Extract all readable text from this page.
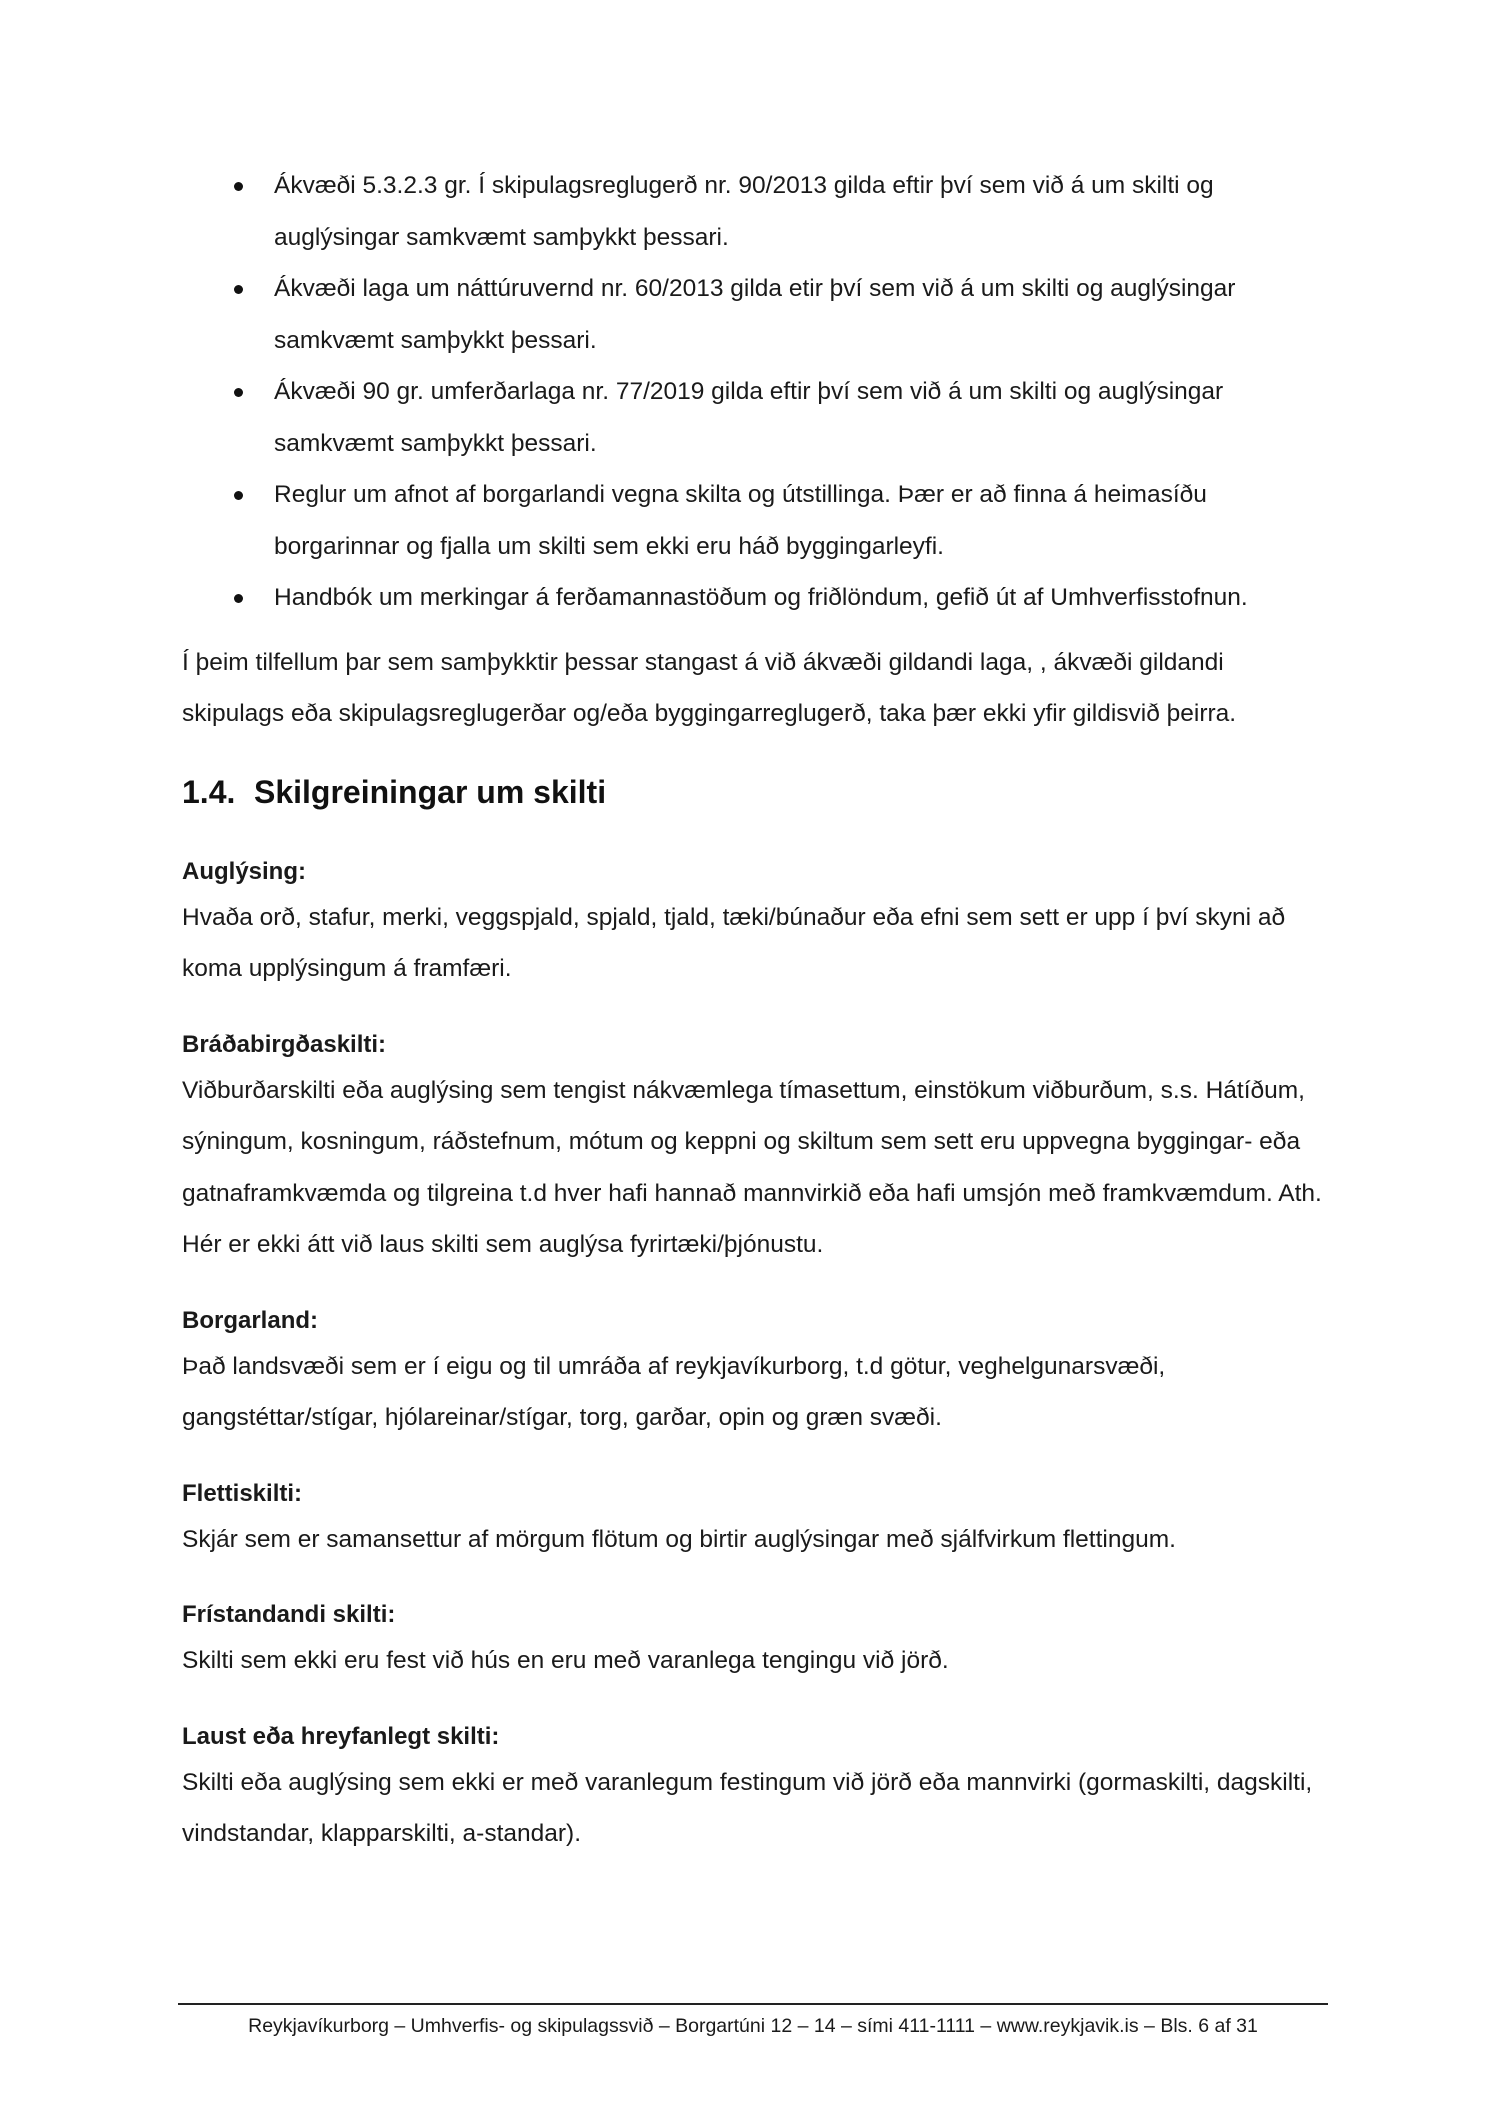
Ákvæði 5.3.2.3 gr. Í skipulagsreglugerð nr. 90/2013 gilda eftir því sem við á um skilti og auglýsingar samkvæmt samþykkt þessari.
Ákvæði laga um náttúruvernd nr. 60/2013 gilda etir því sem við á um skilti og auglýsingar samkvæmt samþykkt þessari.
Ákvæði 90 gr. umferðarlaga nr. 77/2019 gilda eftir því sem við á um skilti og auglýsingar samkvæmt samþykkt þessari.
Reglur um afnot af borgarlandi vegna skilta og útstillinga. Þær er að finna á heimasíðu borgarinnar og fjalla um skilti sem ekki eru háð byggingarleyfi.
Handbók um merkingar á ferðamannastöðum og friðlöndum, gefið út af Umhverfisstofnun.

Í þeim tilfellum þar sem samþykktir þessar stangast á við ákvæði gildandi laga, , ákvæði gildandi skipulags eða skipulagsreglugerðar og/eða byggingarreglugerð, taka þær ekki yfir gildisvið þeirra.

1.4. Skilgreiningar um skilti

Auglýsing:

Hvaða orð, stafur, merki, veggspjald, spjald, tjald, tæki/búnaður eða efni sem sett er upp í því skyni að koma upplýsingum á framfæri.

Bráðabirgðaskilti:

Viðburðarskilti eða auglýsing sem tengist nákvæmlega tímasettum, einstökum viðburðum, s.s. Hátíðum, sýningum, kosningum, ráðstefnum, mótum og keppni og skiltum sem sett eru uppvegna byggingar- eða gatnaframkvæmda og tilgreina t.d hver hafi hannað mannvirkið eða hafi umsjón með framkvæmdum. Ath. Hér er ekki átt við laus skilti sem auglýsa fyrirtæki/þjónustu.

Borgarland:

Það landsvæði sem er í eigu og til umráða af reykjavíkurborg, t.d götur, veghelgunarsvæði, gangstéttar/stígar, hjólareinar/stígar, torg, garðar, opin og græn svæði.

Flettiskilti:

Skjár sem er samansettur af mörgum flötum og birtir auglýsingar með sjálfvirkum flettingum.

Frístandandi skilti:

Skilti sem ekki eru fest við hús en eru með varanlega tengingu við jörð.

Laust eða hreyfanlegt skilti:

Skilti eða auglýsing sem ekki er með varanlegum festingum við jörð eða mannvirki (gormaskilti, dagskilti, vindstandar, klapparskilti, a-standar).

Reykjavíkurborg – Umhverfis- og skipulagssvið – Borgartúni 12 – 14 – sími 411-1111 – www.reykjavik.is – Bls. 6 af 31
